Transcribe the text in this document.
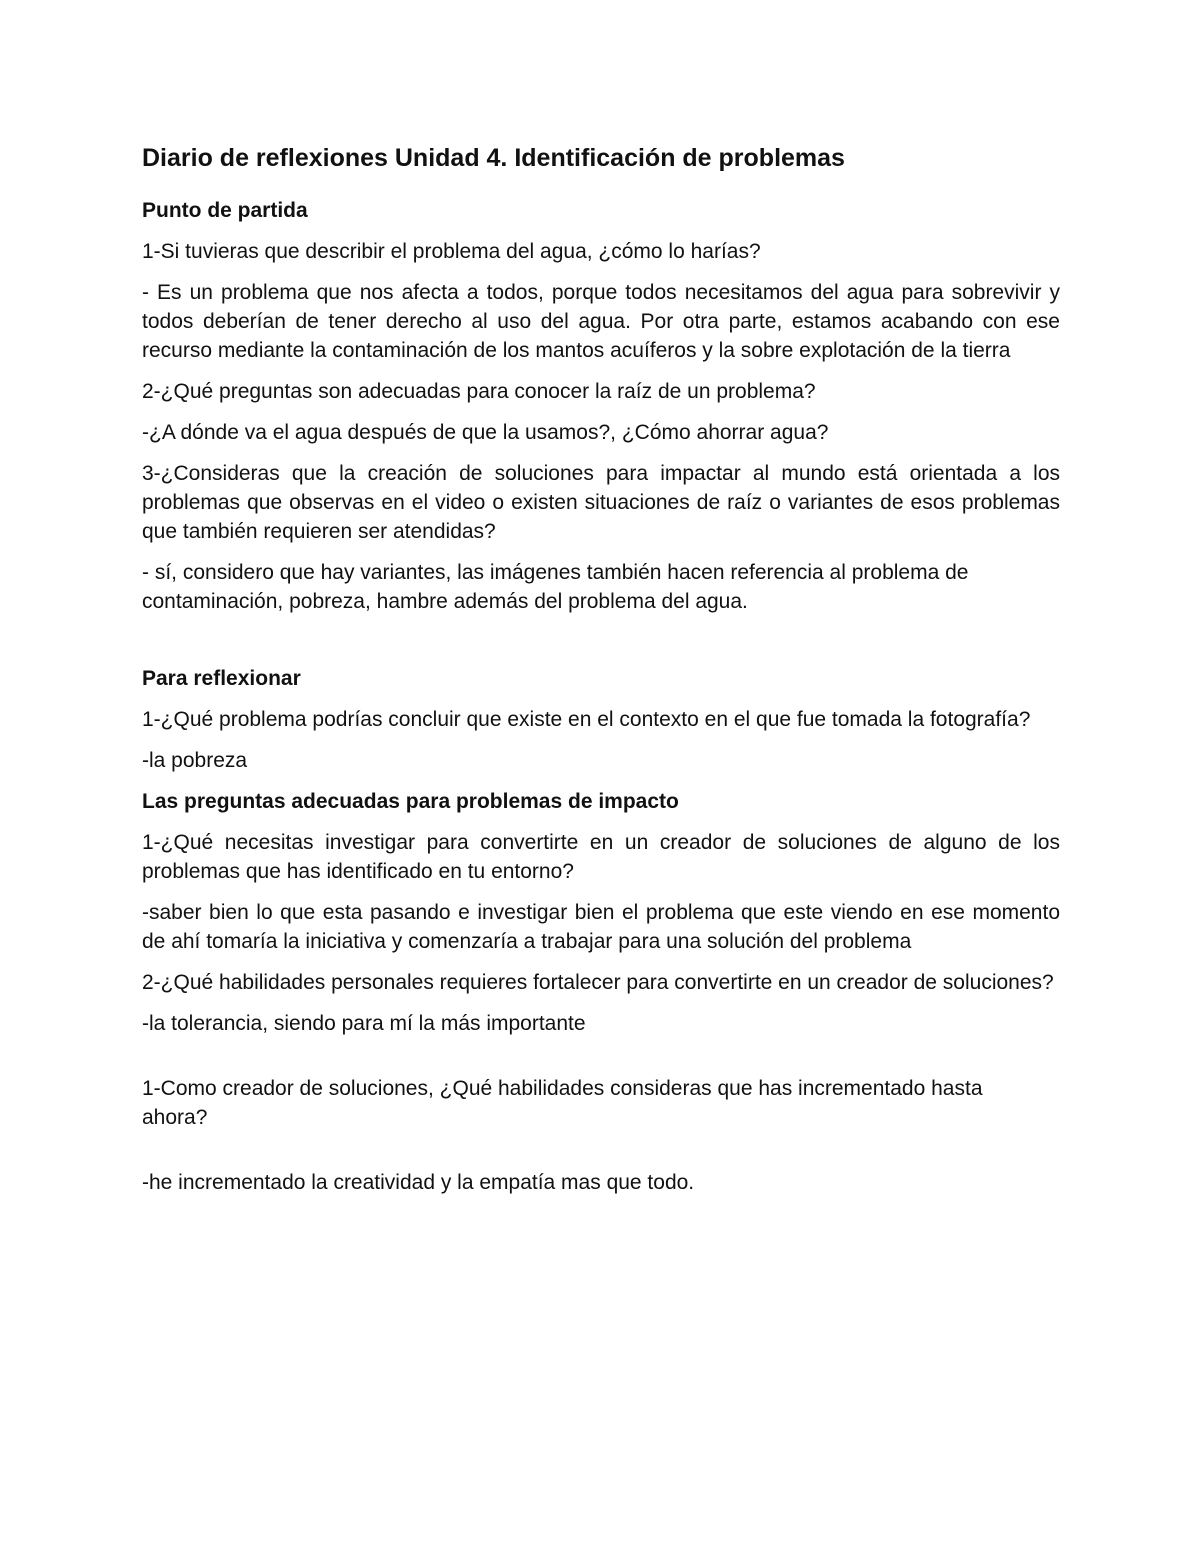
Diario de reflexiones Unidad 4. Identificación de problemas
Punto de partida

1-Si tuvieras que describir el problema del agua, ¿cómo lo harías?

- Es un problema que nos afecta a todos, porque todos necesitamos del agua para sobrevivir y todos deberían de tener derecho al uso del agua. Por otra parte, estamos acabando con ese recurso mediante la contaminación de los mantos acuíferos y la sobre explotación de la tierra

2-¿Qué preguntas son adecuadas para conocer la raíz de un problema?

-¿A dónde va el agua después de que la usamos?, ¿Cómo ahorrar agua?

3-¿Consideras que la creación de soluciones para impactar al mundo está orientada a los problemas que observas en el video o existen situaciones de raíz o variantes de esos problemas que también requieren ser atendidas?

- sí, considero que hay variantes, las imágenes también hacen referencia al problema de contaminación, pobreza, hambre además del problema del agua.

Para reflexionar

1-¿Qué problema podrías concluir que existe en el contexto en el que fue tomada la fotografía?

-la pobreza

Las preguntas adecuadas para problemas de impacto

1-¿Qué necesitas investigar para convertirte en un creador de soluciones de alguno de los problemas que has identificado en tu entorno?

-saber bien lo que esta pasando e investigar bien el problema que este viendo en ese momento de ahí tomaría la iniciativa y comenzaría a trabajar para una solución del problema

2-¿Qué habilidades personales requieres fortalecer para convertirte en un creador de soluciones?

-la tolerancia, siendo para mí la más importante

1-Como creador de soluciones, ¿Qué habilidades consideras que has incrementado hasta ahora?

-he incrementado la creatividad y la empatía mas que todo.
